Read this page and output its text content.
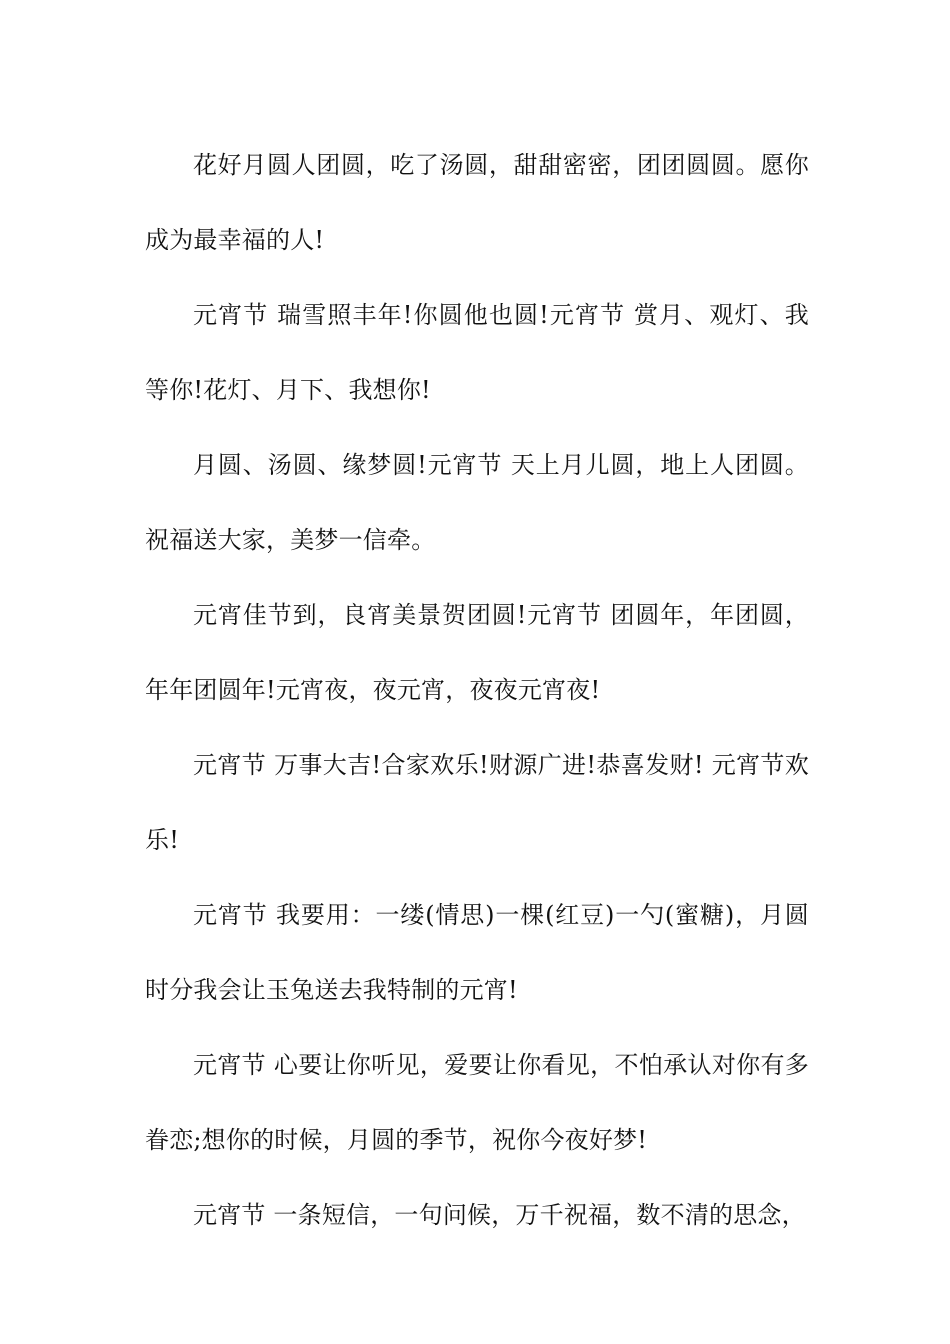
花好月圆人团圆，吃了汤圆，甜甜密密，团团圆圆。愿你成为最幸福的人!

元宵节 瑞雪照丰年!你圆他也圆!元宵节 赏月、观灯、我等你!花灯、月下、我想你!

月圆、汤圆、缘梦圆!元宵节 天上月儿圆，地上人团圆。祝福送大家，美梦一信牵。

元宵佳节到，良宵美景贺团圆!元宵节 团圆年，年团圆，年年团圆年!元宵夜，夜元宵，夜夜元宵夜!

元宵节 万事大吉!合家欢乐!财源广进!恭喜发财! 元宵节欢乐!

元宵节 我要用：一缕(情思)一棵(红豆)一勺(蜜糖)，月圆时分我会让玉兔送去我特制的元宵!

元宵节 心要让你听见，爱要让你看见，不怕承认对你有多眷恋;想你的时候，月圆的季节，祝你今夜好梦!

元宵节 一条短信，一句问候，万千祝福，数不清的思念，
